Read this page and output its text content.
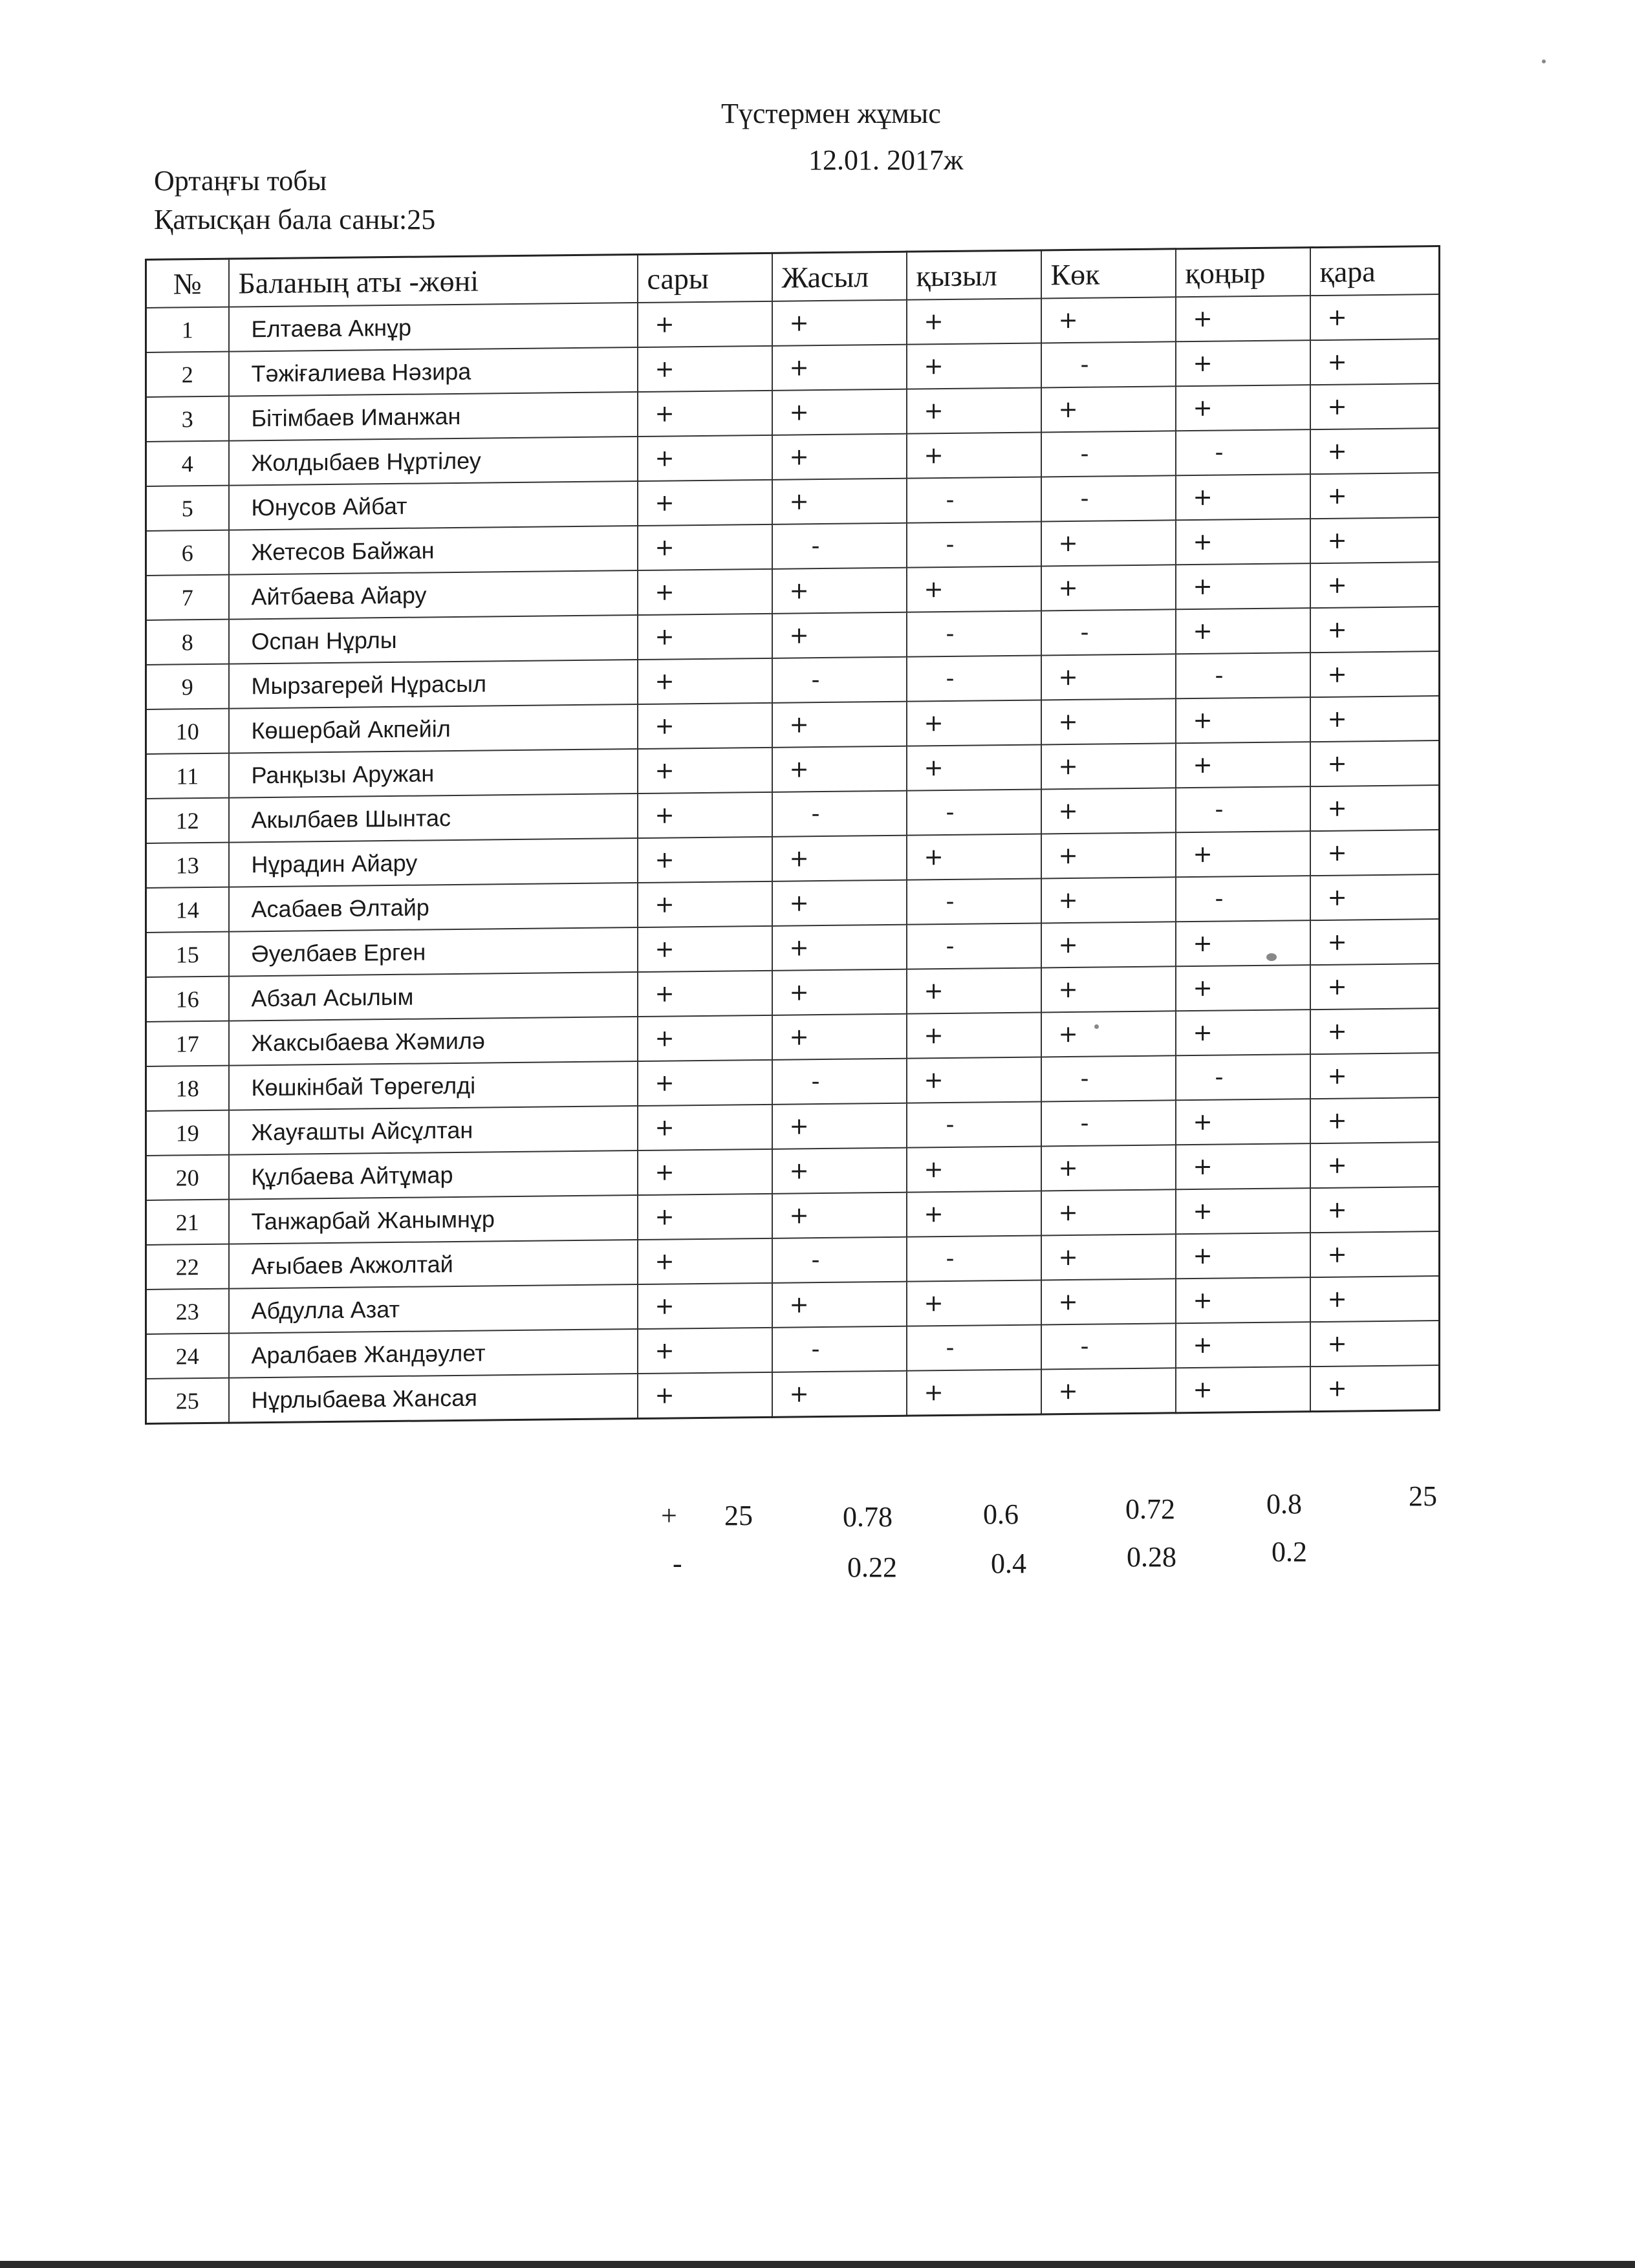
Түстермен жұмыс
12.01. 2017ж
Ортаңғы тобы
Қатысқан бала саны:25
№	Баланың аты -жөні	сары	Жасыл	қызыл	Көк	қоңыр	қара
1	Елтаева Акнұр	+	+	+	+	+	+
2	Тәжіғалиева Нәзира	+	+	+	-	+	+
3	Бітімбаев Иманжан	+	+	+	+	+	+
4	Жолдыбаев Нұртілеу	+	+	+	-	-	+
5	Юнусов Айбат	+	+	-	-	+	+
6	Жетесов Байжан	+	-	-	+	+	+
7	Айтбаева Айару	+	+	+	+	+	+
8	Оспан Нұрлы	+	+	-	-	+	+
9	Мырзагерей Нұрасыл	+	-	-	+	-	+
10	Көшербай Акпейіл	+	+	+	+	+	+
11	Ранқызы Аружан	+	+	+	+	+	+
12	Акылбаев Шынтас	+	-	-	+	-	+
13	Нұрадин Айару	+	+	+	+	+	+
14	Асабаев Әлтайр	+	+	-	+	-	+
15	Әуелбаев Ерген	+	+	-	+	+	+
16	Абзал Асылым	+	+	+	+	+	+
17	Жаксыбаева Жәмилә	+	+	+	+	+	+
18	Көшкінбай Төрегелді	+	-	+	-	-	+
19	Жауғашты Айсұлтан	+	+	-	-	+	+
20	Құлбаева Айтұмар	+	+	+	+	+	+
21	Танжарбай Жанымнұр	+	+	+	+	+	+
22	Ағыбаев Акжолтай	+	-	-	+	+	+
23	Абдулла Азат	+	+	+	+	+	+
24	Аралбаев Жандәулет	+	-	-	-	+	+
25	Нұрлыбаева Жансая	+	+	+	+	+	+
+ 25	0.78	0.6	0.72	0.8	25
-	0.22	0.4	0.28	0.2
